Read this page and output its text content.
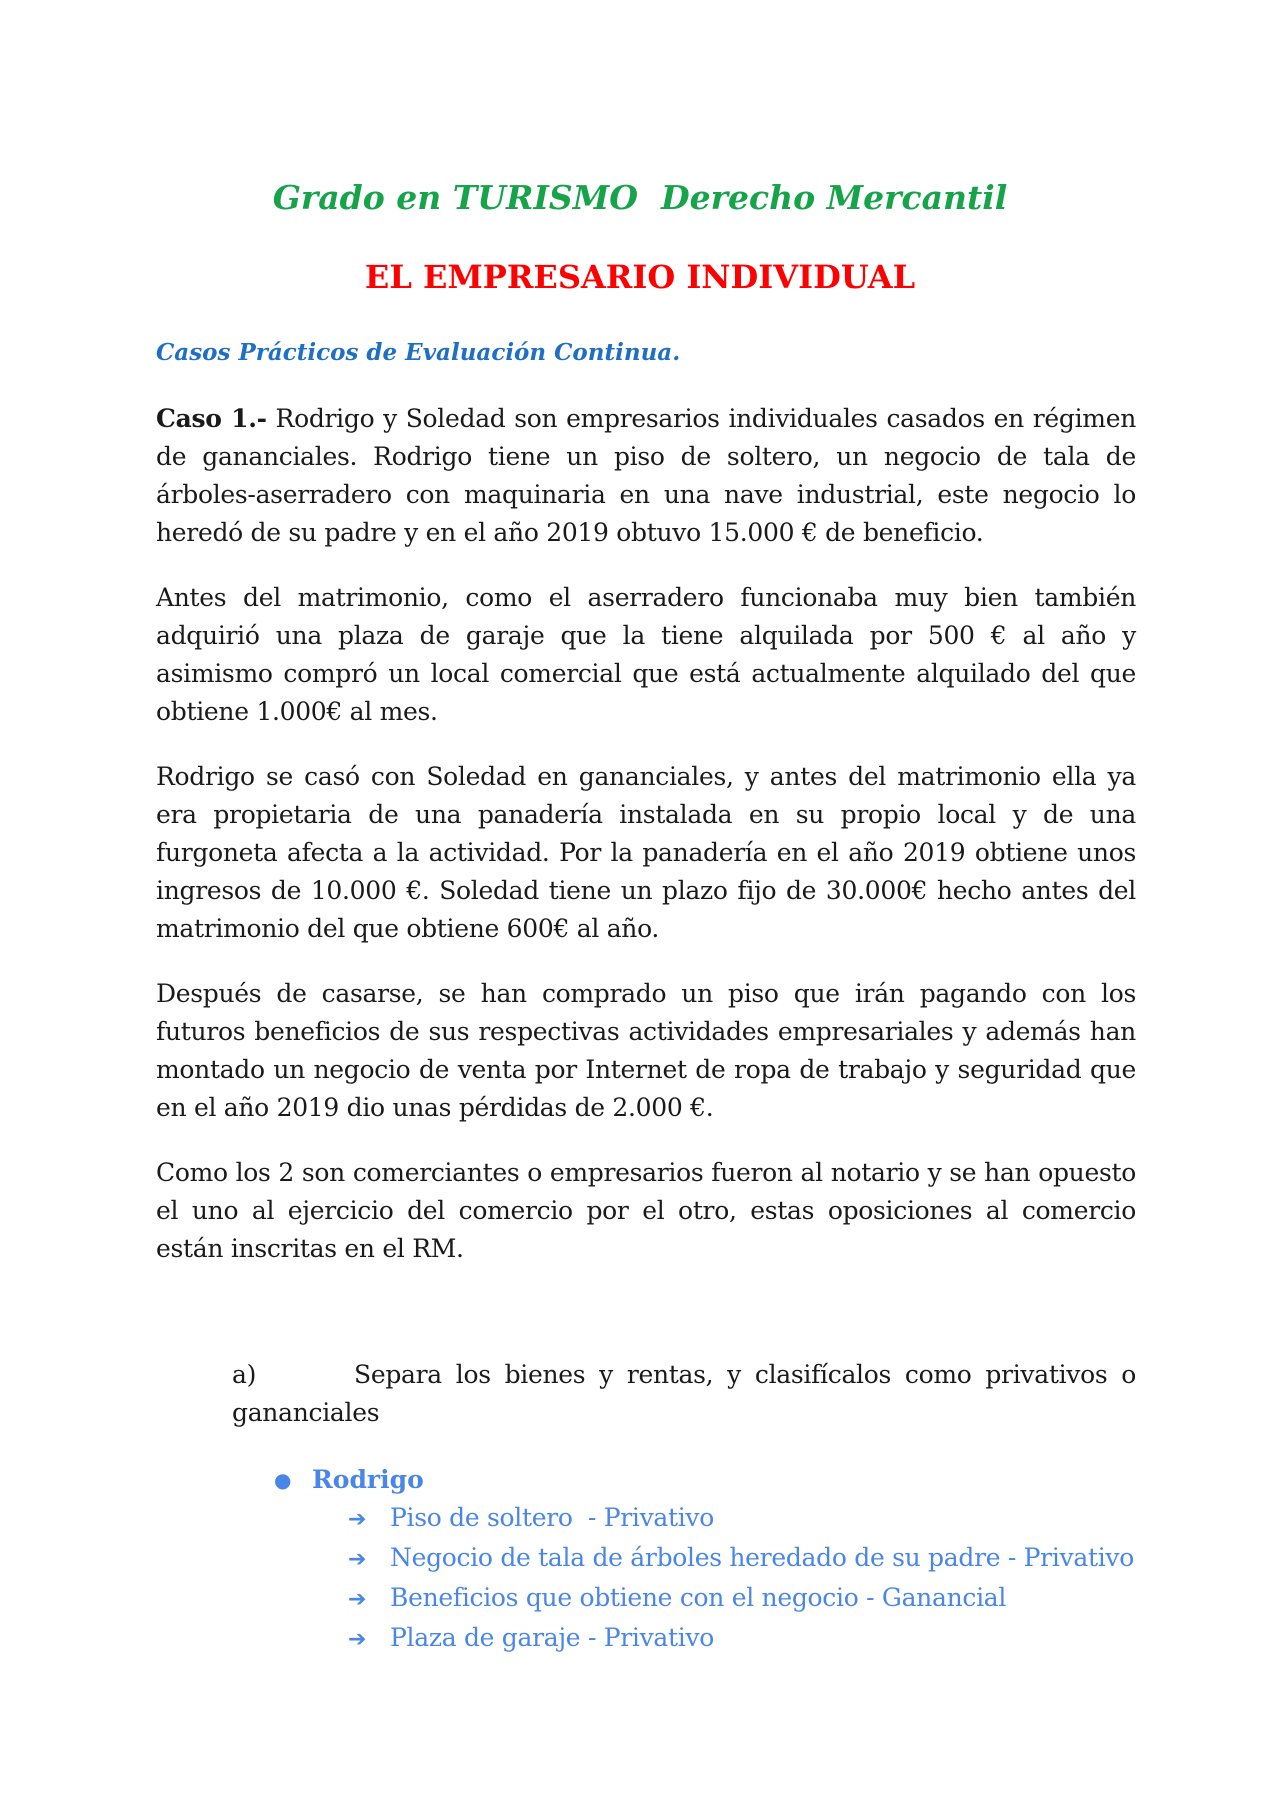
Grado en TURISMO  Derecho Mercantil
EL EMPRESARIO INDIVIDUAL

Casos Prácticos de Evaluación Continua.

Caso 1.- Rodrigo y Soledad son empresarios individuales casados en régimen de gananciales. Rodrigo tiene un piso de soltero, un negocio de tala de árboles-aserradero con maquinaria en una nave industrial, este negocio lo heredó de su padre y en el año 2019 obtuvo 15.000 € de beneficio.

Antes del matrimonio, como el aserradero funcionaba muy bien también adquirió una plaza de garaje que la tiene alquilada por 500 € al año y asimismo compró un local comercial que está actualmente alquilado del que obtiene 1.000€ al mes.

Rodrigo se casó con Soledad en gananciales, y antes del matrimonio ella ya era propietaria de una panadería instalada en su propio local y de una furgoneta afecta a la actividad. Por la panadería en el año 2019 obtiene unos ingresos de 10.000 €. Soledad tiene un plazo fijo de 30.000€ hecho antes del matrimonio del que obtiene 600€ al año.

Después de casarse, se han comprado un piso que irán pagando con los futuros beneficios de sus respectivas actividades empresariales y además han montado un negocio de venta por Internet de ropa de trabajo y seguridad que en el año 2019 dio unas pérdidas de 2.000 €.

Como los 2 son comerciantes o empresarios fueron al notario y se han opuesto el uno al ejercicio del comercio por el otro, estas oposiciones al comercio están inscritas en el RM.

a)	Separa los bienes y rentas, y clasifícalos como privativos o gananciales

● Rodrigo

➔ Piso de soltero  - Privativo
➔ Negocio de tala de árboles heredado de su padre - Privativo
➔ Beneficios que obtiene con el negocio - Ganancial
➔ Plaza de garaje - Privativo
